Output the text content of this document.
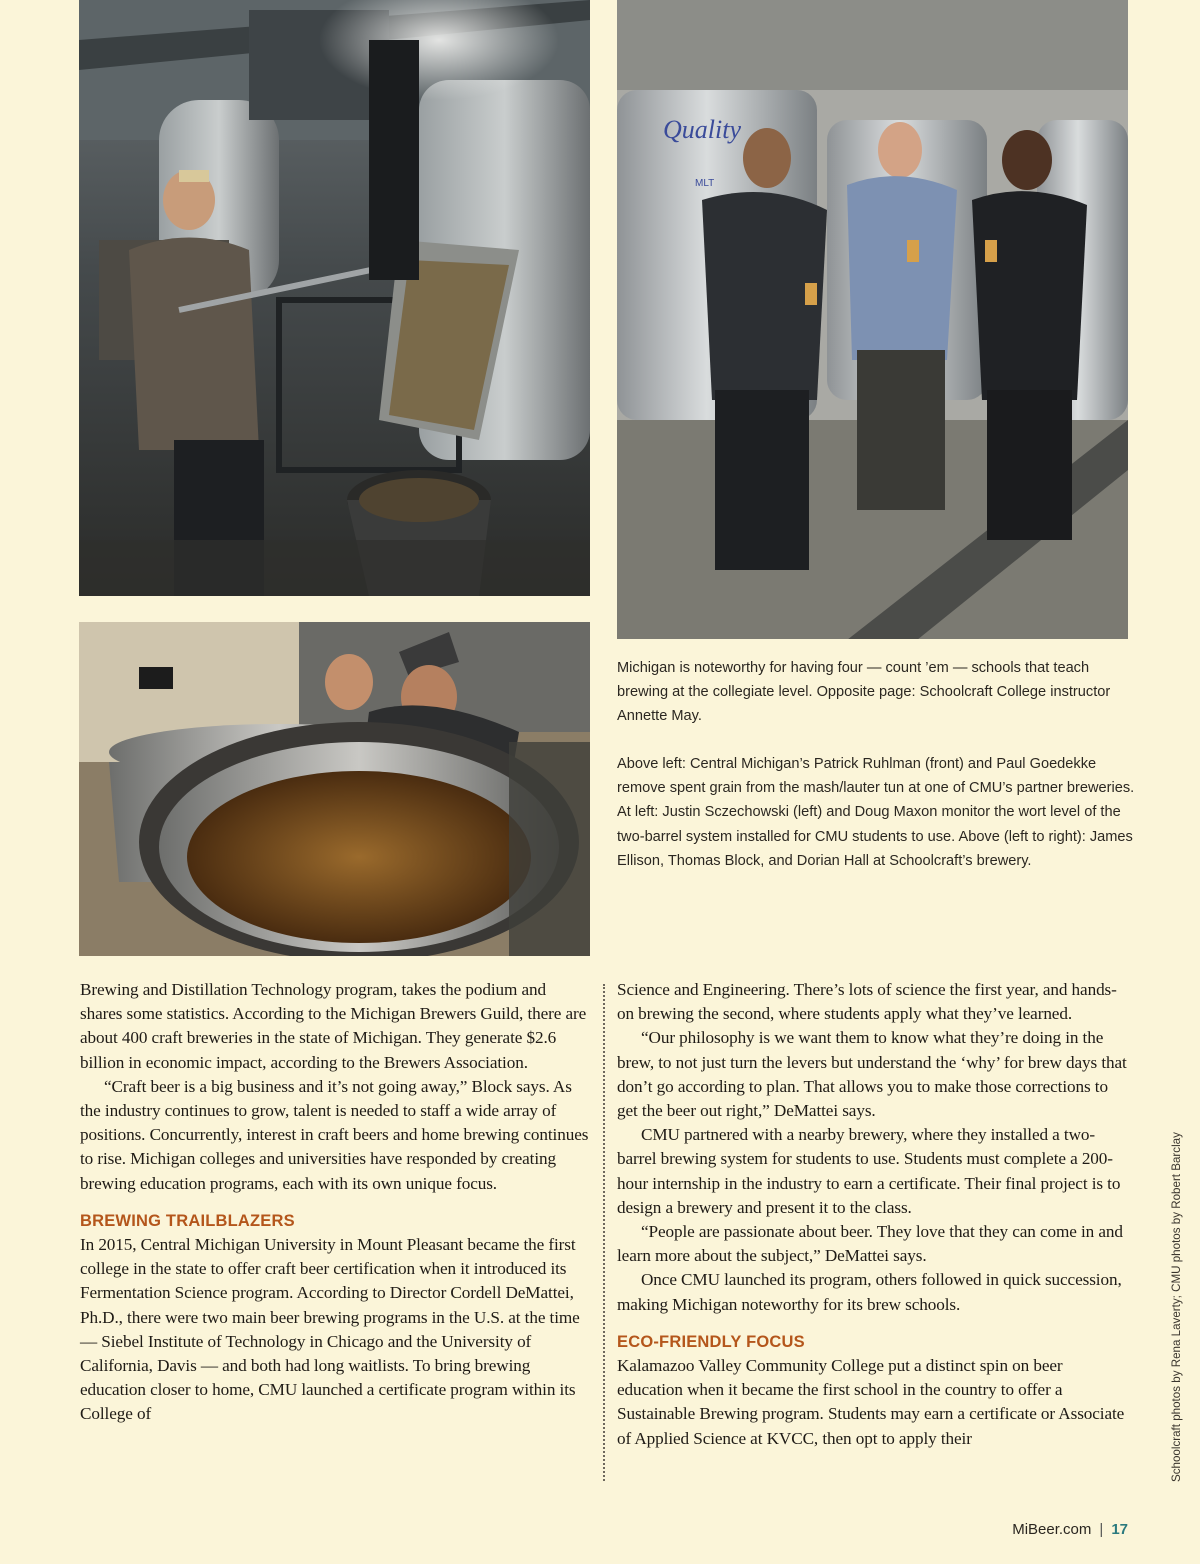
Quality
MLT

Michigan is noteworthy for having four — count ’em — schools that teach brewing at the collegiate level. Opposite page: Schoolcraft College instructor Annette May.

Above left: Central Michigan’s Patrick Ruhlman (front) and Paul Goedekke remove spent grain from the mash/lauter tun at one of CMU’s partner breweries. At left: Justin Sczechowski (left) and Doug Maxon monitor the wort level of the two-barrel system installed for CMU students to use. Above (left to right): James Ellison, Thomas Block, and Dorian Hall at Schoolcraft’s brewery.

Brewing and Distillation Technology program, takes the podium and shares some statistics. According to the Michigan Brewers Guild, there are about 400 craft breweries in the state of Michigan. They generate $2.6 billion in economic impact, according to the Brewers Association.

“Craft beer is a big business and it’s not going away,” Block says. As the industry continues to grow, talent is needed to staff a wide array of positions. Concurrently, interest in craft beers and home brewing continues to rise. Michigan colleges and universities have responded by creating brewing education programs, each with its own unique focus.

BREWING TRAILBLAZERS

In 2015, Central Michigan University in Mount Pleasant became the first college in the state to offer craft beer certification when it introduced its Fermentation Science program. According to Director Cordell DeMattei, Ph.D., there were two main beer brewing programs in the U.S. at the time — Siebel Institute of Technology in Chicago and the University of California, Davis — and both had long waitlists. To bring brewing education closer to home, CMU launched a certificate program within its College of

Science and Engineering. There’s lots of science the first year, and hands-on brewing the second, where students apply what they’ve learned.

“Our philosophy is we want them to know what they’re doing in the brew, to not just turn the levers but understand the ‘why’ for brew days that don’t go according to plan. That allows you to make those corrections to get the beer out right,” DeMattei says.

CMU partnered with a nearby brewery, where they installed a two-barrel brewing system for students to use. Students must complete a 200-hour internship in the industry to earn a certificate. Their final project is to design a brewery and present it to the class.

“People are passionate about beer. They love that they can come in and learn more about the subject,” DeMattei says.

Once CMU launched its program, others followed in quick succession, making Michigan noteworthy for its brew schools.

ECO-FRIENDLY FOCUS

Kalamazoo Valley Community College put a distinct spin on beer education when it became the first school in the country to offer a Sustainable Brewing program. Students may earn a certificate or Associate of Applied Science at KVCC, then opt to apply their	Schoolcraft photos by Rena Laverty; CMU photos by Robert Barclay
MiBeer.com | 17
